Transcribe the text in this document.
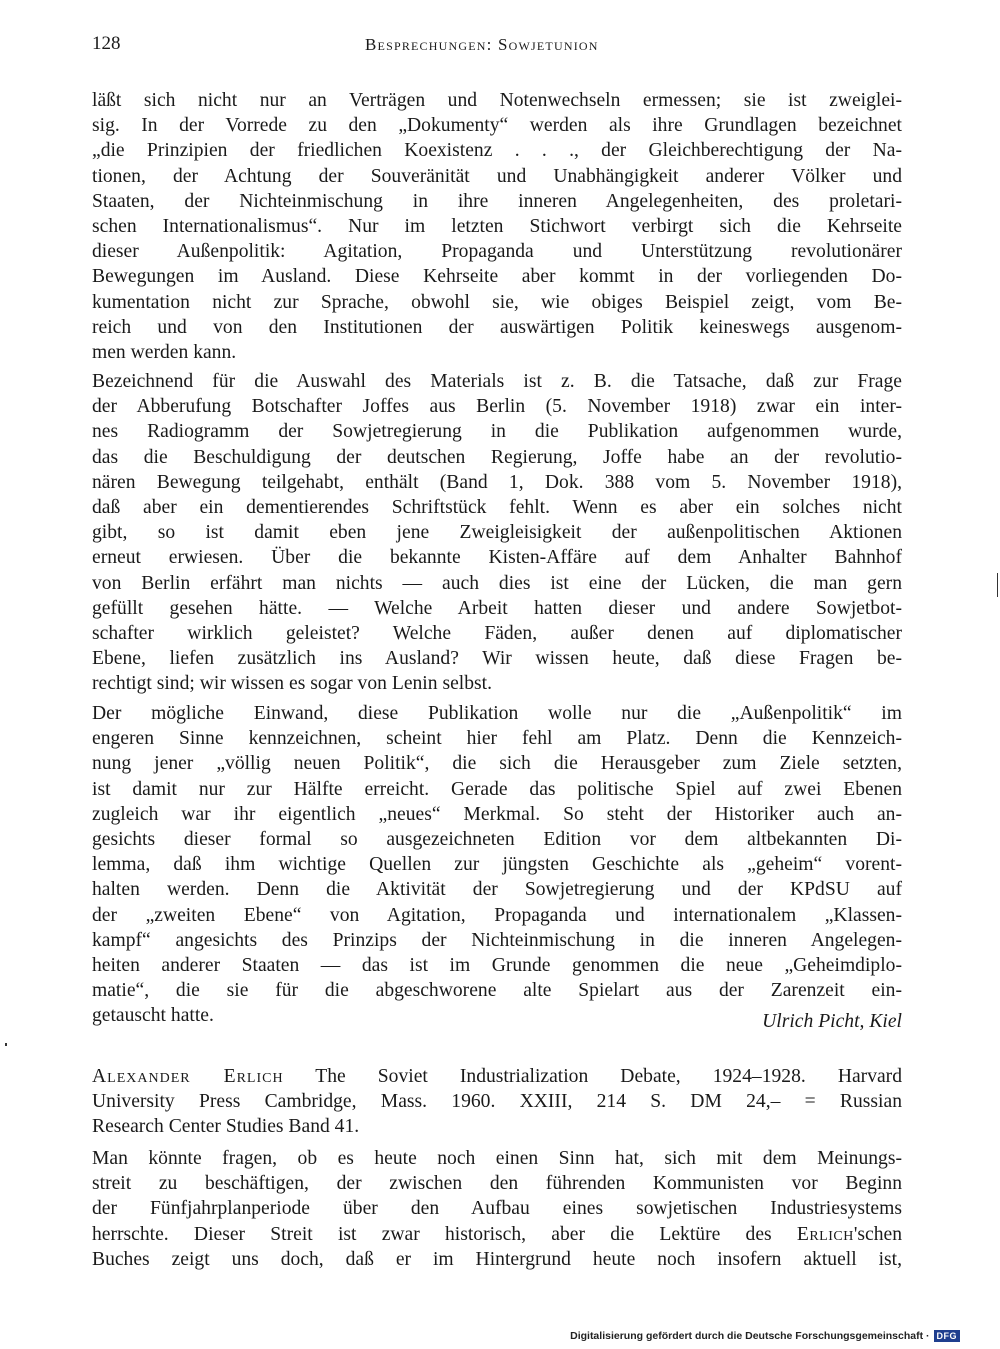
128	Besprechungen: Sowjetunion
läßt sich nicht nur an Verträgen und Notenwechseln ermessen; sie ist zweiglei-
sig. In der Vorrede zu den „Dokumenty“ werden als ihre Grundlagen bezeichnet
„die Prinzipien der friedlichen Koexistenz . . ., der Gleichberechtigung der Na-
tionen, der Achtung der Souveränität und Unabhängigkeit anderer Völker und
Staaten, der Nichteinmischung in ihre inneren Angelegenheiten, des proletari-
schen Internationalismus“. Nur im letzten Stichwort verbirgt sich die Kehrseite
dieser Außenpolitik: Agitation, Propaganda und Unterstützung revolutionärer
Bewegungen im Ausland. Diese Kehrseite aber kommt in der vorliegenden Do-
kumentation nicht zur Sprache, obwohl sie, wie obiges Beispiel zeigt, vom Be-
reich und von den Institutionen der auswärtigen Politik keineswegs ausgenom-
men werden kann.
Bezeichnend für die Auswahl des Materials ist z. B. die Tatsache, daß zur Frage
der Abberufung Botschafter Joffes aus Berlin (5. November 1918) zwar ein inter-
nes Radiogramm der Sowjetregierung in die Publikation aufgenommen wurde,
das die Beschuldigung der deutschen Regierung, Joffe habe an der revolutio-
nären Bewegung teilgehabt, enthält (Band 1, Dok. 388 vom 5. November 1918),
daß aber ein dementierendes Schriftstück fehlt. Wenn es aber ein solches nicht
gibt, so ist damit eben jene Zweigleisigkeit der außenpolitischen Aktionen
erneut erwiesen. Über die bekannte Kisten-Affäre auf dem Anhalter Bahnhof
von Berlin erfährt man nichts — auch dies ist eine der Lücken, die man gern
gefüllt gesehen hätte. — Welche Arbeit hatten dieser und andere Sowjetbot-
schafter wirklich geleistet? Welche Fäden, außer denen auf diplomatischer
Ebene, liefen zusätzlich ins Ausland? Wir wissen heute, daß diese Fragen be-
rechtigt sind; wir wissen es sogar von Lenin selbst.
Der mögliche Einwand, diese Publikation wolle nur die „Außenpolitik“ im
engeren Sinne kennzeichnen, scheint hier fehl am Platz. Denn die Kennzeich-
nung jener „völlig neuen Politik“, die sich die Herausgeber zum Ziele setzten,
ist damit nur zur Hälfte erreicht. Gerade das politische Spiel auf zwei Ebenen
zugleich war ihr eigentlich „neues“ Merkmal. So steht der Historiker auch an-
gesichts dieser formal so ausgezeichneten Edition vor dem altbekannten Di-
lemma, daß ihm wichtige Quellen zur jüngsten Geschichte als „geheim“ vorent-
halten werden. Denn die Aktivität der Sowjetregierung und der KPdSU auf
der „zweiten Ebene“ von Agitation, Propaganda und internationalem „Klassen-
kampf“ angesichts des Prinzips der Nichteinmischung in die inneren Angelegen-
heiten anderer Staaten — das ist im Grunde genommen die neue „Geheimdiplo-
matie“, die sie für die abgeschworene alte Spielart aus der Zarenzeit ein-
getauscht hatte.	Ulrich Picht, Kiel
Alexander Erlich The Soviet Industrialization Debate, 1924–1928. Harvard
University Press Cambridge, Mass. 1960. XXIII, 214 S. DM 24,– = Russian
Research Center Studies Band 41.
Man könnte fragen, ob es heute noch einen Sinn hat, sich mit dem Meinungs-
streit zu beschäftigen, der zwischen den führenden Kommunisten vor Beginn
der Fünfjahrplanperiode über den Aufbau eines sowjetischen Industriesystems
herrschte. Dieser Streit ist zwar historisch, aber die Lektüre des Erlich'schen
Buches zeigt uns doch, daß er im Hintergrund heute noch insofern aktuell ist,
Digitalisierung gefördert durch die Deutsche Forschungsgemeinschaft · DFG
